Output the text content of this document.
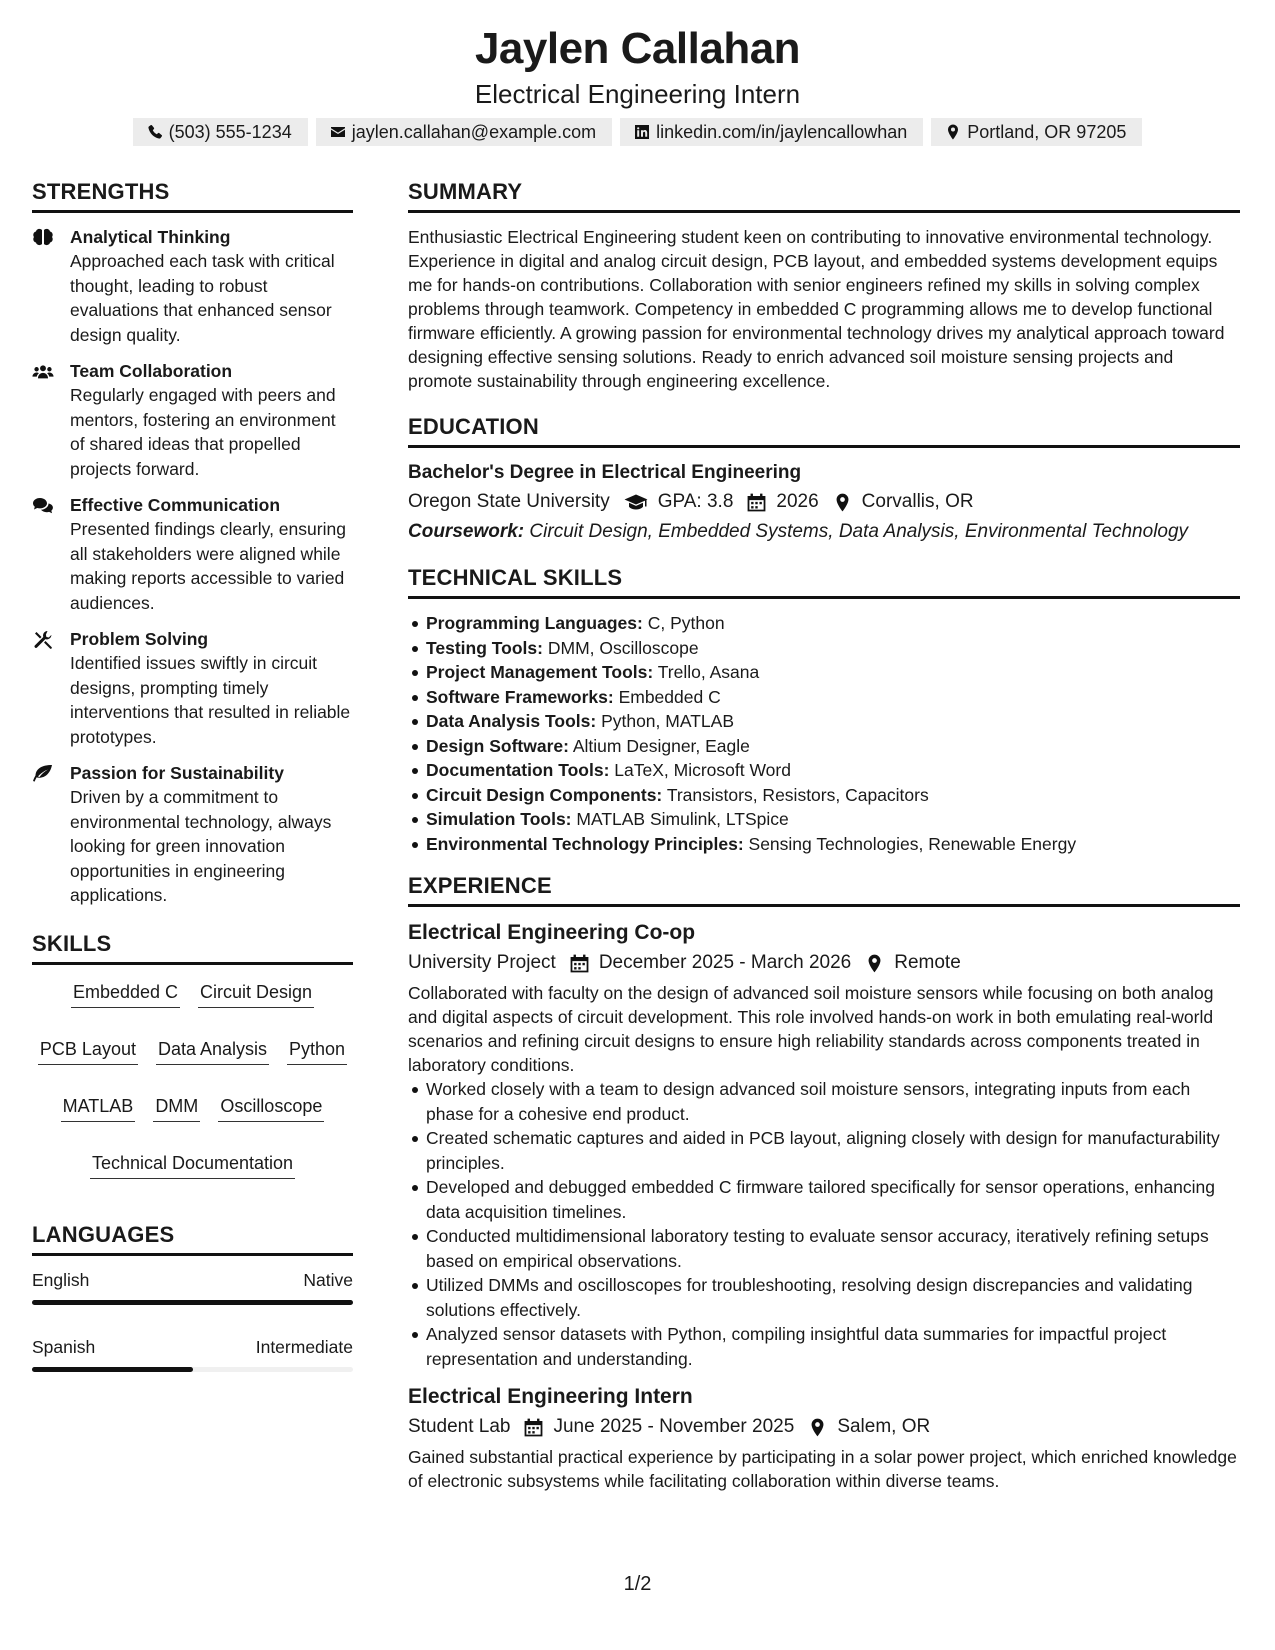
Jaylen Callahan
Electrical Engineering Intern
(503) 555-1234	jaylen.callahan@example.com	linkedin.com/in/jaylencallowhan	Portland, OR 97205
STRENGTHS
Analytical Thinking

Approached each task with critical thought, leading to robust evaluations that enhanced sensor design quality.

Team Collaboration

Regularly engaged with peers and mentors, fostering an environment of shared ideas that propelled projects forward.

Effective Communication

Presented findings clearly, ensuring all stakeholders were aligned while making reports accessible to varied audiences.

Problem Solving

Identified issues swiftly in circuit designs, prompting timely interventions that resulted in reliable prototypes.

Passion for Sustainability

Driven by a commitment to environmental technology, always looking for green innovation opportunities in engineering applications.

SKILLS
Embedded C Circuit Design
PCB Layout Data Analysis Python
MATLAB DMM Oscilloscope
Technical Documentation
LANGUAGES
English	Native
Spanish	Intermediate
SUMMARY

Enthusiastic Electrical Engineering student keen on contributing to innovative environmental technology. Experience in digital and analog circuit design, PCB layout, and embedded systems development equips me for hands-on contributions. Collaboration with senior engineers refined my skills in solving complex problems through teamwork. Competency in embedded C programming allows me to develop functional firmware efficiently. A growing passion for environmental technology drives my analytical approach toward designing effective sensing solutions. Ready to enrich advanced soil moisture sensing projects and promote sustainability through engineering excellence.

EDUCATION
Bachelor's Degree in Electrical Engineering
Oregon State University	GPA: 3.8 2026 Corvallis, OR
Coursework: Circuit Design, Embedded Systems, Data Analysis, Environmental Technology
TECHNICAL SKILLS
Programming Languages: C, Python
Testing Tools: DMM, Oscilloscope
Project Management Tools: Trello, Asana
Software Frameworks: Embedded C
Data Analysis Tools: Python, MATLAB
Design Software: Altium Designer, Eagle
Documentation Tools: LaTeX, Microsoft Word
Circuit Design Components: Transistors, Resistors, Capacitors
Simulation Tools: MATLAB Simulink, LTSpice
Environmental Technology Principles: Sensing Technologies, Renewable Energy
EXPERIENCE
Electrical Engineering Co-op
University Project December 2025 - March 2026 Remote

Collaborated with faculty on the design of advanced soil moisture sensors while focusing on both analog and digital aspects of circuit development. This role involved hands-on work in both emulating real-world scenarios and refining circuit designs to ensure high reliability standards across components treated in laboratory conditions.

Worked closely with a team to design advanced soil moisture sensors, integrating inputs from each phase for a cohesive end product.
Created schematic captures and aided in PCB layout, aligning closely with design for manufacturability principles.
Developed and debugged embedded C firmware tailored specifically for sensor operations, enhancing data acquisition timelines.
Conducted multidimensional laboratory testing to evaluate sensor accuracy, iteratively refining setups based on empirical observations.
Utilized DMMs and oscilloscopes for troubleshooting, resolving design discrepancies and validating solutions effectively.
Analyzed sensor datasets with Python, compiling insightful data summaries for impactful project representation and understanding.
Electrical Engineering Intern
Student Lab June 2025 - November 2025 Salem, OR

Gained substantial practical experience by participating in a solar power project, which enriched knowledge of electronic subsystems while facilitating collaboration within diverse teams.

1/2
